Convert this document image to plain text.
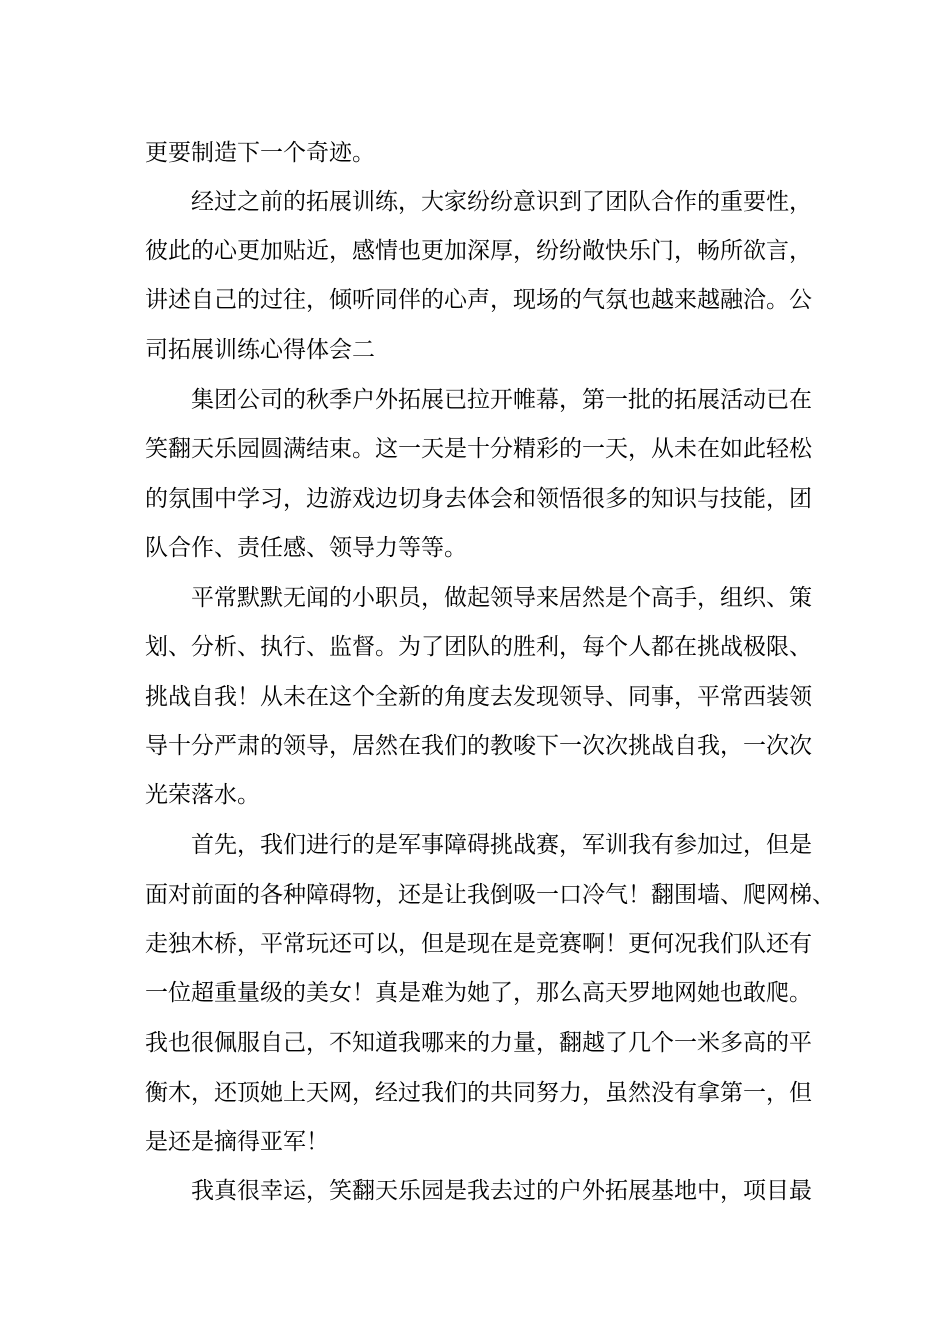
更要制造下一个奇迹。
经过之前的拓展训练，大家纷纷意识到了团队合作的重要性，
彼此的心更加贴近，感情也更加深厚，纷纷敞快乐门，畅所欲言，
讲述自己的过往，倾听同伴的心声，现场的气氛也越来越融洽。公
司拓展训练心得体会二
集团公司的秋季户外拓展已拉开帷幕，第一批的拓展活动已在
笑翻天乐园圆满结束。这一天是十分精彩的一天，从未在如此轻松
的氛围中学习，边游戏边切身去体会和领悟很多的知识与技能，团
队合作、责任感、领导力等等。
平常默默无闻的小职员，做起领导来居然是个高手，组织、策
划、分析、执行、监督。为了团队的胜利，每个人都在挑战极限、
挑战自我！从未在这个全新的角度去发现领导、同事，平常西装领
导十分严肃的领导，居然在我们的教唆下一次次挑战自我，一次次
光荣落水。
首先，我们进行的是军事障碍挑战赛，军训我有参加过，但是
面对前面的各种障碍物，还是让我倒吸一口冷气！翻围墙、爬网梯、
走独木桥，平常玩还可以，但是现在是竞赛啊！更何况我们队还有
一位超重量级的美女！真是难为她了，那么高天罗地网她也敢爬。
我也很佩服自己，不知道我哪来的力量，翻越了几个一米多高的平
衡木，还顶她上天网，经过我们的共同努力，虽然没有拿第一，但
是还是摘得亚军！
我真很幸运，笑翻天乐园是我去过的户外拓展基地中，项目最
